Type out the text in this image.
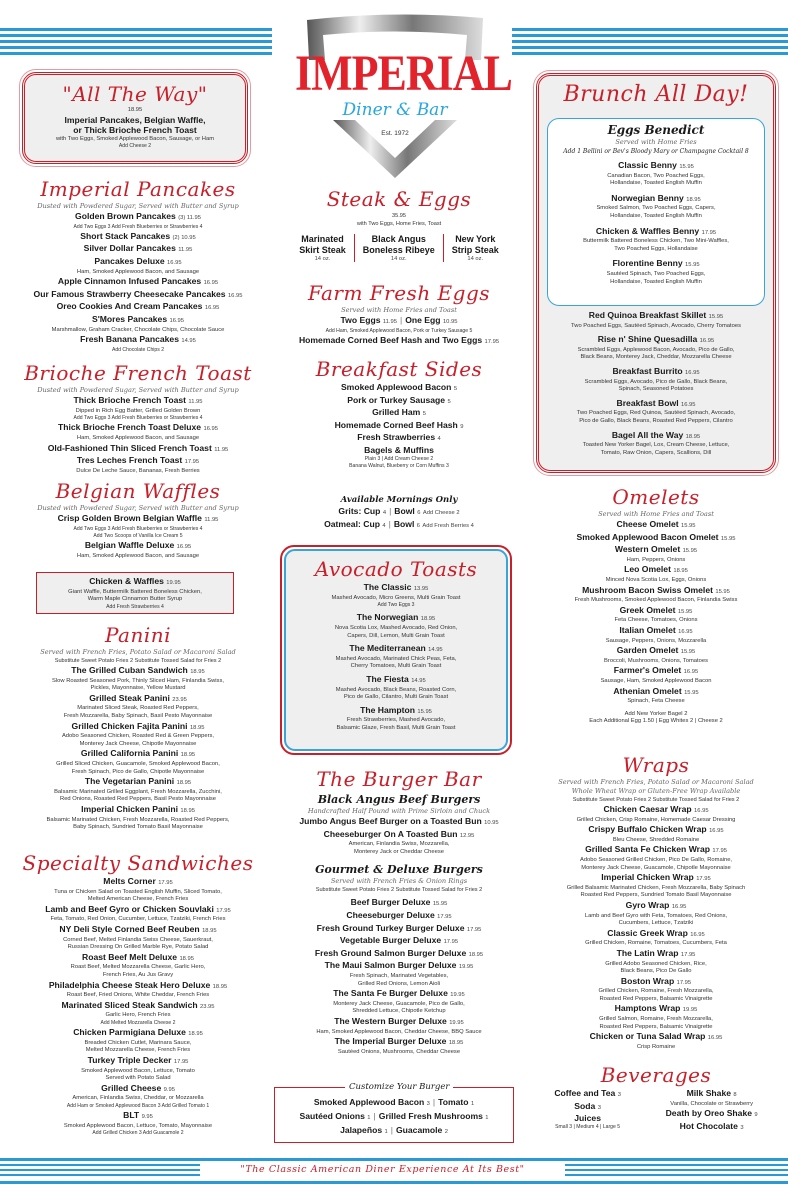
IMPERIAL
Diner & Bar
Est. 1972
"All The Way"
18.95
Imperial Pancakes, Belgian Waffle,
or Thick Brioche French Toast
with Two Eggs, Smoked Applewood Bacon, Sausage, or Ham
Add Cheese 2
Imperial Pancakes
Dusted with Powdered Sugar, Served with Butter and Syrup
Golden Brown Pancakes (3) 11.95
Add Two Eggs 3 Add Fresh Blueberries or Strawberries 4
Short Stack Pancakes (2) 10.95
Silver Dollar Pancakes 11.95
Pancakes Deluxe 16.95
Ham, Smoked Applewood Bacon, and Sausage
Apple Cinnamon Infused Pancakes 16.95
Our Famous Strawberry Cheesecake Pancakes 16.95
Oreo Cookies And Cream Pancakes 16.95
S'Mores Pancakes 16.95
Marshmallow, Graham Cracker, Chocolate Chips, Chocolate Sauce
Fresh Banana Pancakes 14.95
Add Chocolate Chips 2
Brioche French Toast
Dusted with Powdered Sugar, Served with Butter and Syrup
Thick Brioche French Toast 11.95
Dipped in Rich Egg Batter, Grilled Golden Brown
Add Two Eggs 3 Add Fresh Blueberries or Strawberries 4
Thick Brioche French Toast Deluxe 16.95
Ham, Smoked Applewood Bacon, and Sausage
Old-Fashioned Thin Sliced French Toast 11.95
Tres Leches French Toast 17.95
Dulce De Leche Sauce, Bananas, Fresh Berries
Belgian Waffles
Dusted with Powdered Sugar, Served with Butter and Syrup
Crisp Golden Brown Belgian Waffle 11.95
Add Two Eggs 3 Add Fresh Blueberries or Strawberries 4
Add Two Scoops of Vanilla Ice Cream 5
Belgian Waffle Deluxe 16.95
Ham, Smoked Applewood Bacon, and Sausage
Chicken & Waffles 19.95
Giant Waffle, Buttermilk Battered Boneless Chicken,
Warm Maple Cinnamon Butter Syrup
Add Fresh Strawberries 4
Panini
Served with French Fries, Potato Salad or Macaroni Salad
Substitute Sweet Potato Fries 2 Substitute Tossed Salad for Fries 2
The Grilled Cuban Sandwich 18.95
Slow Roasted Seasoned Pork, Thinly Sliced Ham, Finlandia Swiss,
Pickles, Mayonnaise, Yellow Mustard
Grilled Steak Panini 23.95
Marinated Sliced Steak, Roasted Red Peppers,
Fresh Mozzarella, Baby Spinach, Basil Pesto Mayonnaise
Grilled Chicken Fajita Panini 18.95
Adobo Seasoned Chicken, Roasted Red & Green Peppers,
Monterey Jack Cheese, Chipotle Mayonnaise
Grilled California Panini 18.95
Grilled Sliced Chicken, Guacamole, Smoked Applewood Bacon,
Fresh Spinach, Pico de Gallo, Chipotle Mayonnaise
The Vegetarian Panini 18.95
Balsamic Marinated Grilled Eggplant, Fresh Mozzarella, Zucchini,
Red Onions, Roasted Red Peppers, Basil Pesto Mayonnaise
Imperial Chicken Panini 18.95
Balsamic Marinated Chicken, Fresh Mozzarella, Roasted Red Peppers,
Baby Spinach, Sundried Tomato Basil Mayonnaise
Specialty Sandwiches
Melts Corner 17.95
Tuna or Chicken Salad on Toasted English Muffin, Sliced Tomato,
Melted American Cheese, French Fries
Lamb and Beef Gyro or Chicken Souvlaki 17.95
Feta, Tomato, Red Onion, Cucumber, Lettuce, Tzatziki, French Fries
NY Deli Style Corned Beef Reuben 18.95
Corned Beef, Melted Finlandia Swiss Cheese, Sauerkraut,
Russian Dressing On Grilled Marble Rye, Potato Salad
Roast Beef Melt Deluxe 18.95
Roast Beef, Melted Mozzarella Cheese, Garlic Hero,
French Fries, Au Jus Gravy
Philadelphia Cheese Steak Hero Deluxe 18.95
Roast Beef, Fried Onions, White Cheddar, French Fries
Marinated Sliced Steak Sandwich 23.95
Garlic Hero, French Fries
Add Melted Mozzarella Cheese 2
Chicken Parmigiana Deluxe 18.95
Breaded Chicken Cutlet, Marinara Sauce,
Melted Mozzarella Cheese, French Fries
Turkey Triple Decker 17.95
Smoked Applewood Bacon, Lettuce, Tomato
Served with Potato Salad
Grilled Cheese 9.95
American, Finlandia Swiss, Cheddar, or Mozzarella
Add Ham or Smoked Applewood Bacon 3 Add Grilled Tomato 1
BLT 9.95
Smoked Applewood Bacon, Lettuce, Tomato, Mayonnaise
Add Grilled Chicken 3 Add Guacamole 2
Steak & Eggs
35.95
with Two Eggs, Home Fries, Toast
Marinated
Skirt Steak
14 oz.
Black Angus
Boneless Ribeye
14 oz.
New York
Strip Steak
14 oz.
Farm Fresh Eggs
Served with Home Fries and Toast
Two Eggs 11.95 | One Egg 10.95
Add Ham, Smoked Applewood Bacon, Pork or Turkey Sausage 5
Homemade Corned Beef Hash and Two Eggs 17.95
Breakfast Sides
Smoked Applewood Bacon 5
Pork or Turkey Sausage 5
Grilled Ham 5
Homemade Corned Beef Hash 9
Fresh Strawberries 4
Bagels & Muffins
Plain 3 | Add Cream Cheese 2
Banana Walnut, Blueberry or Corn Muffins 3
Available Mornings Only
Grits: Cup 4 | Bowl 6 Add Cheese 2
Oatmeal: Cup 4 | Bowl 6 Add Fresh Berries 4
Avocado Toasts
The Classic 13.95
Mashed Avocado, Micro Greens, Multi Grain Toast
Add Two Eggs 3
The Norwegian 18.95
Nova Scotia Lox, Mashed Avocado, Red Onion,
Capers, Dill, Lemon, Multi Grain Toast
The Mediterranean 14.95
Mashed Avocado, Marinated Chick Peas, Feta,
Cherry Tomatoes, Multi Grain Toast
The Fiesta 14.95
Mashed Avocado, Black Beans, Roasted Corn,
Pico de Gallo, Cilantro, Multi Grain Toast
The Hampton 15.95
Fresh Strawberries, Mashed Avocado,
Balsamic Glaze, Fresh Basil, Multi Grain Toast
The Burger Bar
Black Angus Beef Burgers
Handcrafted Half Pound with Prime Sirloin and Chuck
Jumbo Angus Beef Burger on a Toasted Bun 10.95
Cheeseburger On A Toasted Bun 12.95
American, Finlandia Swiss, Mozzarella,
Monterey Jack or Cheddar Cheese
Gourmet & Deluxe Burgers
Served with French Fries & Onion Rings
Substitute Sweet Potato Fries 2 Substitute Tossed Salad for Fries 2
Beef Burger Deluxe 15.95
Cheeseburger Deluxe 17.95
Fresh Ground Turkey Burger Deluxe 17.95
Vegetable Burger Deluxe 17.95
Fresh Ground Salmon Burger Deluxe 18.95
The Maui Salmon Burger Deluxe 19.95
Fresh Spinach, Marinated Vegetables,
Grilled Red Onions, Lemon Aioli
The Santa Fe Burger Deluxe 19.95
Monterey Jack Cheese, Guacamole, Pico de Gallo,
Shredded Lettuce, Chipotle Ketchup
The Western Burger Deluxe 19.95
Ham, Smoked Applewood Bacon, Cheddar Cheese, BBQ Sauce
The Imperial Burger Deluxe 18.95
Sautéed Onions, Mushrooms, Cheddar Cheese
Customize Your Burger
Smoked Applewood Bacon 3 | Tomato 1
Sautéed Onions 1 | Grilled Fresh Mushrooms 1
Jalapeños 1 | Guacamole 2
Brunch All Day!
Eggs Benedict
Served with Home Fries
Add 1 Bellini or Bev's Bloody Mary or Champagne Cocktail 8
Classic Benny 15.95
Canadian Bacon, Two Poached Eggs,
Hollandaise, Toasted English Muffin
Norwegian Benny 18.95
Smoked Salmon, Two Poached Eggs, Capers,
Hollandaise, Toasted English Muffin
Chicken & Waffles Benny 17.95
Buttermilk Battered Boneless Chicken, Two Mini-Waffles,
Two Poached Eggs, Hollandaise
Florentine Benny 15.95
Sautéed Spinach, Two Poached Eggs,
Hollandaise, Toasted English Muffin
Red Quinoa Breakfast Skillet 15.95
Two Poached Eggs, Sautéed Spinach, Avocado, Cherry Tomatoes
Rise n' Shine Quesadilla 16.95
Scrambled Eggs, Applewood Bacon, Avocado, Pico de Gallo,
Black Beans, Monterey Jack, Cheddar, Mozzarella Cheese
Breakfast Burrito 16.95
Scrambled Eggs, Avocado, Pico de Gallo, Black Beans,
Spinach, Seasoned Potatoes
Breakfast Bowl 16.95
Two Poached Eggs, Red Quinoa, Sautéed Spinach, Avocado,
Pico de Gallo, Black Beans, Roasted Red Peppers, Cilantro
Bagel All the Way 18.95
Toasted New Yorker Bagel, Lox, Cream Cheese, Lettuce,
Tomato, Raw Onion, Capers, Scallions, Dill
Omelets
Served with Home Fries and Toast
Cheese Omelet 15.95
Smoked Applewood Bacon Omelet 15.95
Western Omelet 15.95
Ham, Peppers, Onions
Leo Omelet 18.95
Minced Nova Scotia Lox, Eggs, Onions
Mushroom Bacon Swiss Omelet 15.95
Fresh Mushrooms, Smoked Applewood Bacon, Finlandia Swiss
Greek Omelet 15.95
Feta Cheese, Tomatoes, Onions
Italian Omelet 16.95
Sausage, Peppers, Onions, Mozzarella
Garden Omelet 15.95
Broccoli, Mushrooms, Onions, Tomatoes
Farmer's Omelet 16.95
Sausage, Ham, Smoked Applewood Bacon
Athenian Omelet 15.95
Spinach, Feta Cheese
Add New Yorker Bagel 2
Each Additional Egg 1.50 | Egg Whites 2 | Cheese 2
Wraps
Served with French Fries, Potato Salad or Macaroni Salad
Whole Wheat Wrap or Gluten-Free Wrap Available
Substitute Sweet Potato Fries 2 Substitute Tossed Salad for Fries 2
Chicken Caesar Wrap 16.95
Grilled Chicken, Crisp Romaine, Homemade Caesar Dressing
Crispy Buffalo Chicken Wrap 16.95
Bleu Cheese, Shredded Romaine
Grilled Santa Fe Chicken Wrap 17.95
Adobo Seasoned Grilled Chicken, Pico De Gallo, Romaine,
Monterey Jack Cheese, Guacamole, Chipotle Mayonnaise
Imperial Chicken Wrap 17.95
Grilled Balsamic Marinated Chicken, Fresh Mozzarella, Baby Spinach
Roasted Red Peppers, Sundried Tomato Basil Mayonnaise
Gyro Wrap 16.95
Lamb and Beef Gyro with Feta, Tomatoes, Red Onions,
Cucumbers, Lettuce, Tzatziki
Classic Greek Wrap 16.95
Grilled Chicken, Romaine, Tomatoes, Cucumbers, Feta
The Latin Wrap 17.95
Grilled Adobo Seasoned Chicken, Rice,
Black Beans, Pico De Gallo
Boston Wrap 17.95
Grilled Chicken, Romaine, Fresh Mozzarella,
Roasted Red Peppers, Balsamic Vinaigrette
Hamptons Wrap 19.95
Grilled Salmon, Romaine, Fresh Mozzarella,
Roasted Red Peppers, Balsamic Vinaigrette
Chicken or Tuna Salad Wrap 16.95
Crisp Romaine
Beverages
Coffee and Tea 3
Soda 3
Juices
Small 3 | Medium 4 | Large 5
Milk Shake 8
Vanilla, Chocolate or Strawberry
Death by Oreo Shake 9
Hot Chocolate 3
"The Classic American Diner Experience At Its Best"
